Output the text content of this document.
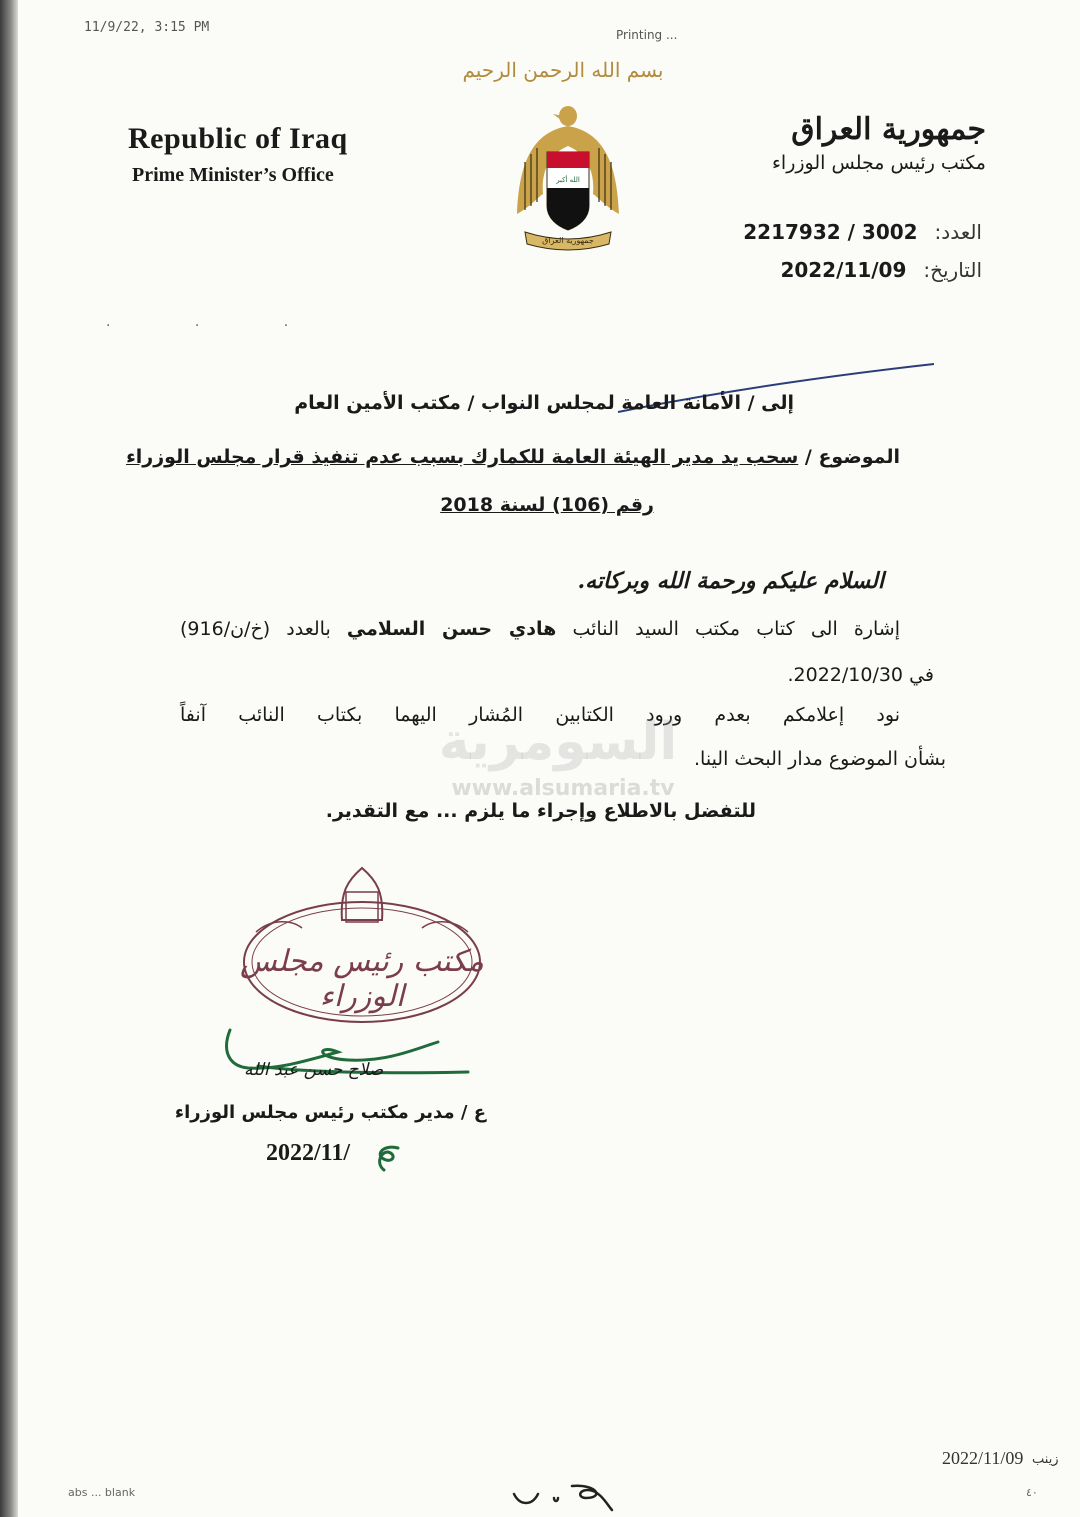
11/9/22, 3:15 PM	Printing ...
بسم الله الرحمن الرحيم
Republic of Iraq
Prime Minister’s Office	الله أكبر
جمهورية العراق
جمهورية العراق
مكتب رئيس مجلس الوزراء
العدد: 2217932 / 3002
التاريخ: 2022/11/09
· · ·
إلى / الأمانة العامة لمجلس النواب / مكتب الأمين العام
الموضوع / سحب يد مدير الهيئة العامة للكمارك بسبب عدم تنفيذ قرار مجلس الوزراء
رقم (106) لسنة 2018
السلام عليكم ورحمة الله وبركاته.
إشارة الى كتاب مكتب السيد النائب هادي حسن السلامي بالعدد (خ/ن/916)
في 2022/10/30.
نود إعلامكم بعدم ورود الكتابين المُشار اليهما بكتاب النائب آنفاً
بشأن الموضوع مدار البحث الينا.
السومرية
www.alsumaria.tv
للتفضل بالاطلاع وإجراء ما يلزم ... مع التقدير.
مكتب رئيس مجلس الوزراء
صلاح حسن عبد الله
ع / مدير مكتب رئيس مجلس الوزراء
2022/11/
9
2022/11/09 زينب
abs ... blank
٢٠٩
٤٠
